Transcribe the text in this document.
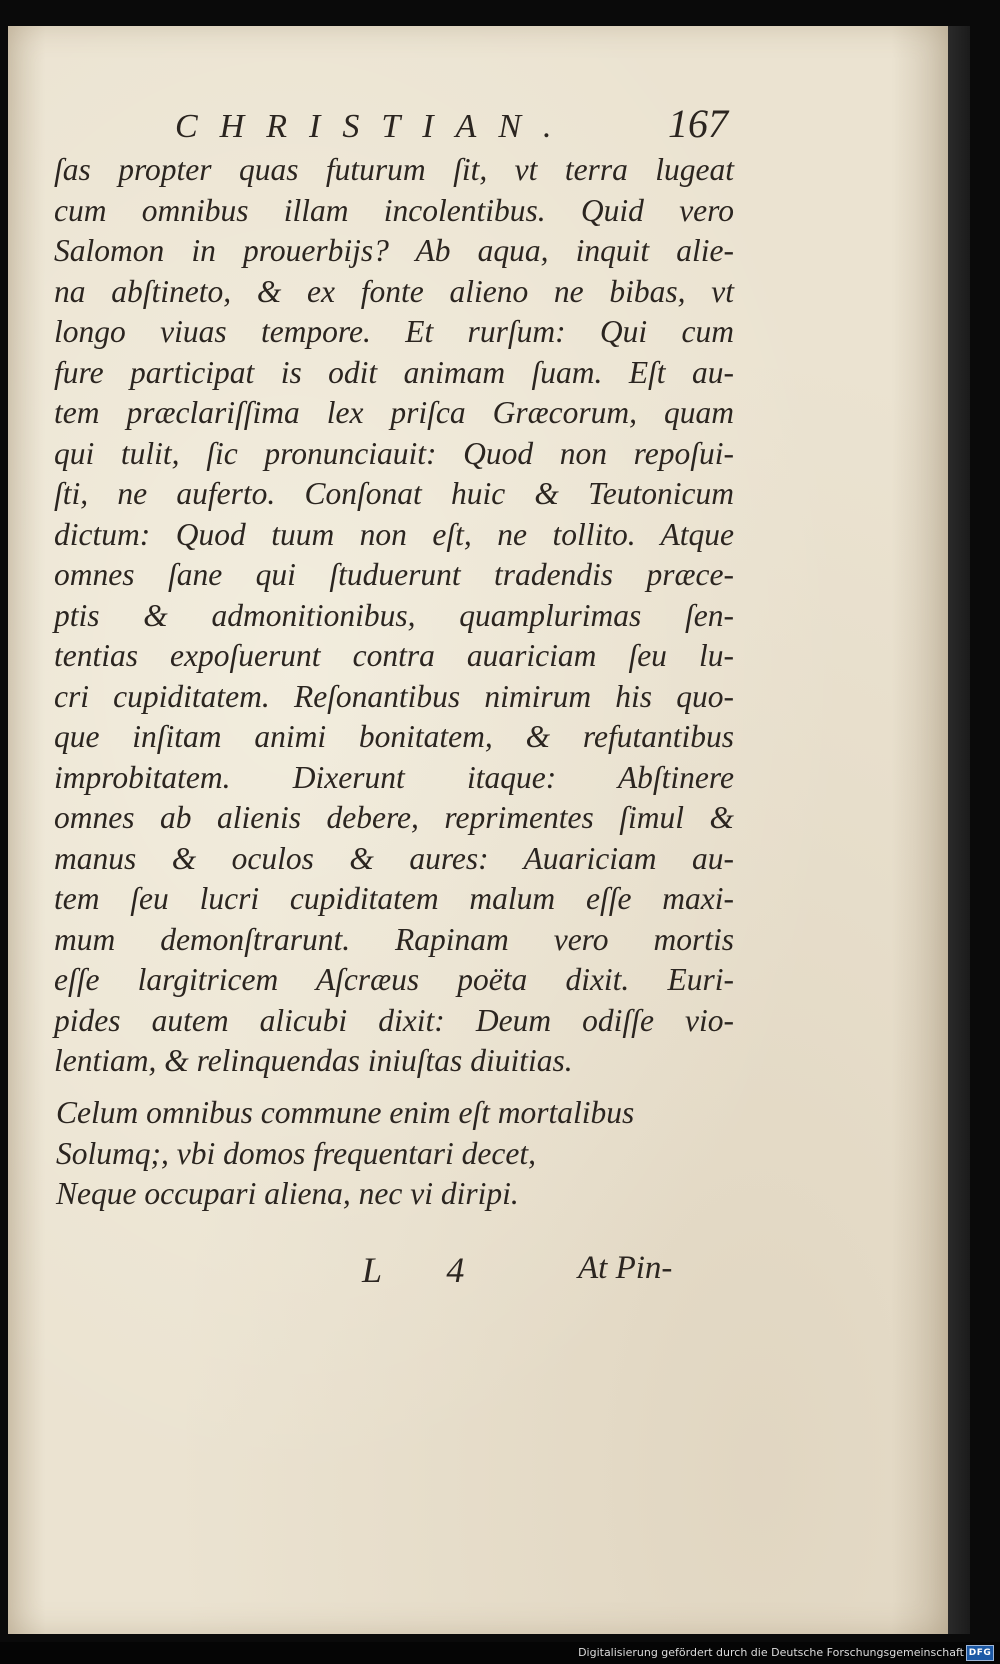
CHRISTIAN. 167
ſas propter quas futurum ſit, vt terra lugeat
cum omnibus illam incolentibus. Quid vero
Salomon in prouerbijs? Ab aqua, inquit alie-
na abſtineto, & ex fonte alieno ne bibas, vt
longo viuas tempore. Et rurſum: Qui cum
fure participat is odit animam ſuam. Eſt au-
tem præclariſſima lex priſca Græcorum, quam
qui tulit, ſic pronunciauit: Quod non repoſui-
ſti, ne auferto. Conſonat huic & Teutonicum
dictum: Quod tuum non eſt, ne tollito. Atque
omnes ſane qui ſtuduerunt tradendis præce-
ptis & admonitionibus, quamplurimas ſen-
tentias expoſuerunt contra auariciam ſeu lu-
cri cupiditatem. Reſonantibus nimirum his quo-
que inſitam animi bonitatem, & refutantibus
improbitatem. Dixerunt itaque: Abſtinere
omnes ab alienis debere, reprimentes ſimul &
manus & oculos & aures: Auariciam au-
tem ſeu lucri cupiditatem malum eſſe maxi-
mum demonſtrarunt. Rapinam vero mortis
eſſe largitricem Aſcræus poëta dixit. Euri-
pides autem alicubi dixit: Deum odiſſe vio-
lentiam, & relinquendas iniuſtas diuitias.
Celum omnibus commune enim eſt mortalibus
Solumq;, vbi domos frequentari decet,
Neque occupari aliena, nec vi diripi.
L 4	At Pin-
Digitalisierung gefördert durch die Deutsche Forschungsgemeinschaft DFG
